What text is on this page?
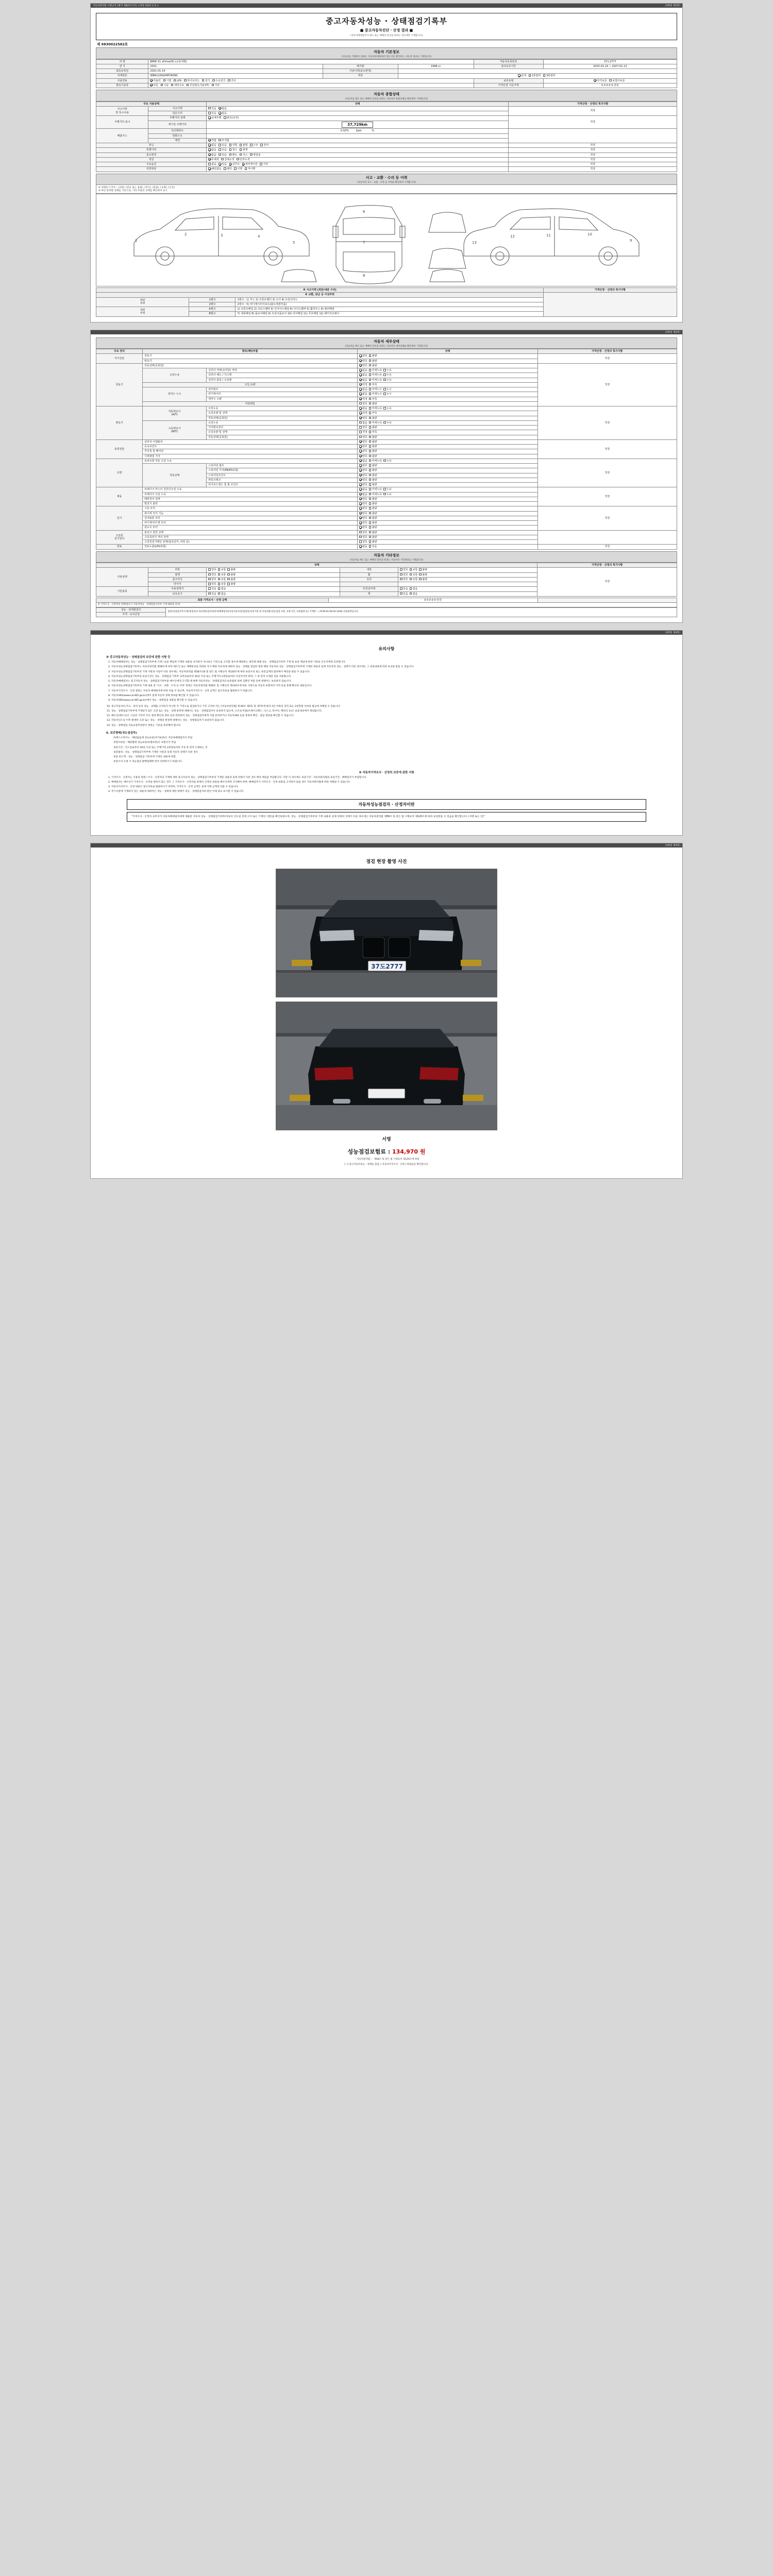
자동차관리법 시행규칙 [별지 제82호서식] <개정 2021.1.5.>	(3쪽중 제1쪽)
중고자동차성능 · 상태점검기록부
■ 중고자동차진단 · 산정 결과 ■
(자동차매매업자가 매도 또는 매매의 알선을 하려는 경우에만 기재합니다)
제 9830022582호
자동차 기본정보
(자동차를 거래하지 못하는 자동차에 해당하지 않는지를 확인하고, 자동차 정보를 기재합니다)
차 명	BMW X1 xDrive20i (승용대형)			자동차등록번호	37도2777
연 식	2021	배기량	1998 cc	검사유효기간	2025-01-14 ~ 2027-01-13
최초등록일	2021-01-14	사용이력(용도변경)			
차대번호	WBA11DG04M7AD90	색상	단색 2톤칼라 3톤칼라		
사용연료	가솔린 디젤 LPG 하이브리드 전기 수소전기 기타			보증유형	자가보증 보험사보증
변속기종류	자동 수동 세미오토 무단변속기(CVT) 기타			가격산정 기준가액	0 0 0 0 0 만원
자동차 종합상태
(자동차를 매도 또는 매매의 알선을 하려는 자동차의 종합상태를 확인하여 기재합니다)
주요 사용상태		상태	가격산정 · 산정의 특기사항
사고이력
및 특수사용	사고이력	있음 없음	적정
	단순수리	있음 없음	
주행거리 표시	주행거리 상태	실제주행 변조(조작)	적정
	계기상 주행거리	37,729km	
배출가스	일산화탄소	0.02% 2pm %	
	탄화수소		
	매연	적합 부적합	
튜닝		없음 있음 적법 불법 구조 장치	적정
특별이력		없음 있음 침수 화재	적정
용도변경		없음 있음 렌트 리스 영업용	적정
색상		무채색 전체도색 일부도색	적정
주요옵션		없음 있음 선루프 내비게이션 기타	적정
리콜대상		해당없음 해당 이행 미이행	적정
사고 · 교환 · 수리 등 이력
(자동차의 사고 · 교환 · 수리 등 이력을 확인하여 기재합니다)
※ 상태표시 부호 : (교환), (판금 또는 용접), (부식), (흠집), (요철), (손상)
※ 하단 항목별 상태를 기준으로, 기타 부품의 상태를 확인하여 표시
1
2	3	4
5
6
7
8
9
10
11
12
13
※ 사고이력 (외판/내판 수리)			가격산정 · 산정의 특기사항
※ 교환, 판금 등 이상부위			
외판
부위	1랭크	1랭크 : 1) 후드 2) 프론트펜더 3) 도어 4) 트렁크리드	
	2랭크	2랭크 : 5) 라디에이터서포트(볼트체결부품)	
내판
부위	A랭크	1) 프론트패널 2) 크로스멤버 3) 인사이드패널 4) 사이드멤버 5) 휠하우스 6) 필러패널	
	B랭크	7) 대쉬패널 8) 플로어패널 9) 트렁크플로어 10) 리어패널 11) 루프패널 12) 패키지트레이	
(3쪽중 제2쪽)
자동차 세부상태
(자동차를 매도 또는 매매의 알선을 하려는 자동차의 세부상태를 확인하여 기재합니다)
주요 장치	항목/해당부품		상태	가격산정 · 산정의 특기사항
자기진단	원동기		양호 불량	적정
	변속기		양호 불량	
원동기	작동상태(공회전)		양호 불량	적정
	오일누유	실린더 커버(로커암) 커버	없음 미세누유 누유	
		실린더 헤드 / 가스켓	없음 미세누유 누유	
		실린더 블록 / 오일팬	없음 미세누유 누유	
	오일 유량		적정 부족	
	냉각수 누수	워터펌프	없음 미세누수 누수	
		라디에이터	없음 미세누수 누수	
		냉각수 수량	적정 부족	
	커먼레일		양호 불량	
변속기	자동변속기
(A/T)	오일누유	없음 미세누유 누유	적정
		오일유량 및 상태	적정 부족	
		작동상태(공회전)	양호 불량	
	수동변속기
(M/T)	오일누유	없음 미세누유 누유	
		기어변속장치	양호 불량	
		오일유량 및 상태	적정 부족	
		작동상태(공회전)	양호 불량	
동력전달	클러치 어셈블리		양호 불량	적정
	등속죠인트		양호 불량	
	추진축 및 베어링		양호 불량	
	디퍼렌셜 기어		양호 불량	
조향	동력조향 작동 오일 누유		없음 미세누유 누유	적정
	작동상태	스티어링 펌프	양호 불량	
		스티어링 기어(MDPS포함)	양호 불량	
		스티어링조인트	양호 불량	
		파워크랭크	양호 불량	
		타이로드엔드 및 볼 조인트	양호 불량	
제동	브레이크 마스터 실린더오일 누유		없음 미세누유 누유	적정
	브레이크 오일 누유		없음 미세누유 누유	
	배력장치 상태		양호 불량	
	발전기 출력		양호 불량	
전기	시동 모터		양호 불량	적정
	와이퍼 모터 기능		양호 불량	
	실내송풍 모터		양호 불량	
	라디에이터 팬 모터		양호 불량	
	윈도우 모터		양호 불량	
고전원
전기장치	충전구 절연 상태		양호 불량	
	구동축전지 격리 상태		양호 불량	
	고전원전기배선 상태(접속단자, 피복 등)		양호 불량	
연료	연료누출(LPG포함)		없음 있음	적정
자동차 기타정보
(자동차를 매도 또는 매매의 알선을 하려는 자동차의 기타정보를 기재합니다)
상태					가격산정 · 산정의 특기사항
사용상태	외장	양호 보통 불량	내장	양호 보통 불량	적정
	광택	양호 보통 불량	휠	양호 보통 불량	
	룸크리닝	양호 보통 불량	유리	양호 보통 불량	
	타이어	양호 보통 불량			
기본품목	사용설명서	있음 없음	안전삼각대	있음 없음	
	보유공구	있음 없음	잭	있음 없음	
최종 가격조사 · 산정 금액	0 0 0 0 0 만원	
※ 가격조사 · 산정자의 설명(필요시 자동차성능 · 상태점검기록부 기재 내용과 일치)
성능 · 상태점검자	점검자(점검사무소)명/점검자(소속/성명)/검사대상자(매매업자)/자동차등록증/점검일/보증기관 및 보증내용(성능점검 보증, 보증기간, 보증범위 등) 기재란 — 2578-01-04-01:1426.서울광장입니다.
가격 · 조사산정
(3쪽중 제3쪽)
유의사항
※ 중고자동차성능 · 상태점검의 보증에 관한 사항 등
1. 자동차매매업자는 성능 · 상태점검기록부에 기재 / 보증 책임에 기재된 내용을 교지하지 아니하고 거짓으로 고지할 경우에 해당하는 내역에 대해 성능 · 상태점검기록부 기재 및 보증 책임에 관한 사항을 인수자에게 교부합니다.
2. 자동차성능상태점검기록부는 자동차관리법 제58조에 따라 매도인 또는 매매알선을 의뢰한 자가 해당 자동차에 대하여 성능 · 상태를 점검한 결과 해당 자동차의 성능 · 상태점검기록부에 기재된 내용과 실제 자동차의 성능 · 상태가 다른 경우에는 그 보증내용에 따라 보상을 받을 수 있습니다.
3. 자동차성능상태점검기록부의 기재 사항과 사실이 다른 경우에는 자동차관리법 제58조의4 및 같은 법 시행규칙 제120조에 따라 보증수리 또는 보증금액의 범위에서 배상을 받을 수 있습니다.
4. 자동차성능상태점검기록부의 보증기간은 성능 · 상태점검 기록부 교부일로부터 30일 이상 또는 주행거리 2천킬로미터 이상이어야 하며, 그 중 먼저 도래한 것을 적용합니다.
5. 자동차매매업자는 중고자동차 성능 · 상태점검기록부를 매수인에게 고지할 때 현행 자동차성능 · 상태점검자의 보증범위 외에 교환된 부품 등에 대해서는 보증하지 않습니다.
6. 자동차성능상태점검기록부의 기재 내용 중 '사고 · 교환 · 수리 등 이력' 항목은 자동차관리법 제58조 및 시행규칙 제120조에 따른 사항으로 자동차 보험처리 이력 등을 통해 확인된 내용입니다.
7. 자동차가격조사 · 산정 결과는 자동차 매매업자에 따라 다를 수 있으며, 자동차가격조사 · 산정 금액은 참고자료로 활용하시기 바랍니다.
8. 자동차365(www.car365.go.kr)에서 실제 자동차 상태 정보를 확인할 수 있습니다.
9. 자동차365(www.car365.go.kr)에서 성능 · 상태점검 내용을 확인할 수 있습니다.
10. 중고자동차의 주요 · 장치 등의 성능 · 상태를 고지하지 아니한 자 거짓으로 점검하거나 거짓 고지한 자는 [자동차관리법] 제 80조 제5호 및 제7호에 따라 2년 이하의 징역 또는 2천만원 이하의 벌금에 처해질 수 있습니다.
11. 성능 · 상태점검기록부에 기재되지 않은 고장 또는 성능 · 상태 항목에 대해서는 성능 · 상태점검자가 보증하지 않으며, 소모성 부품(브레이크패드, 디스크, 타이어, 배터리 등)은 보증대상에서 제외됩니다.
12. 매수인(매도인)은 시공된 기록부 주요 결과 확인의 권한 등과 관련하여 성능 · 상태점검자에게 직접 문의하거나 자동차365 등을 통하여 확인 · 점검 결과를 확인할 수 있습니다.
13. 자동차인도일 이후 발생한 고장 또는 성능 · 상태의 변경에 대해서는 성능 · 상태점검자가 보증하지 않습니다.
14. 성능 · 상태점검 국토교통부장관이 정하는 기준을 충족해야 합니다.
6. 보증형태(성능점검자)
㈜에스오비아노 : 해당없음에 성능보증(자가보증)은 자동차매매업자가 부담
보험사보증 : 해당법에 성능보증(보험보증)은 보험사가 부담
보증기간 : 인도일로부터 30일 이상 또는 주행거리 2천킬로미터 이상 중 먼저 도래하는 것
보증범위 : 성능 · 상태점검기록부에 기재된 사항과 실제 자동차 상태가 다른 경우
보증 한도액 : 성능 · 상태점검 기록부에 기재된 내용에 한함
보증수리 요청 시 성능점검 발행업체에 먼저 연락하시기 바랍니다.
※ 자동차가격조사 · 산정의 보증에 관한 사항
1. 가격조사 · 산정자는 사용의 설명 / 조사 · 산정자의 기재에 대한 중고자동차 성능 · 상태점검기록부의 기재된 내용과 실제 차량이 다른 경우 배상 책임을 부담합니다. 다만 이 경우에도 보증기간 · 자동차관리법의 보증기간 · 매매업자가 부담합니다.
2. 매매업자는 매수인이 가격조사 · 산정을 원하지 않는 경우 그 가격조사 · 산정자를 통해서 산정된 내용을 매수인에게 고지해야 하며, 매매업자가 가격조사 · 산정 내용을 고지하지 않을 경우 자동차관리법에 따라 처벌될 수 있습니다.
3. 자동차가격조사 · 산정 내용은 참고자료로 활용하시기 바라며, 가격조사 · 산정 금액은 실제 거래 금액과 다를 수 있습니다.
4. 특기사항에 기재되어 있는 내용에 대하여는 성능 · 상태에 대한 판매가 성능 · 상태점검자의 판단 아래 중요 표시할 수 있습니다.
자동차성능점검자 · 산정자이란
"가격조사 · 산정자 교부지가 자동차매매업자에게 제출한 자동차 성능 · 상태점검기록부(자동차 인도일 전에 고지 또는 기재된 사항)을 확인하였으며, 성능 · 상태점검기록부의 기재 내용과 실제 차량의 상태가 다른 경우에는 자동차관리법 제58조 및 같은 법 시행규칙 제120조에 따라 보상받을 수 있음을 확인합니다. (서명 또는 인)"
(3쪽중 제3쪽)
점검 현장 촬영 사진
37도2777
서명
성능점검보험료 : 134,970 원
「 자동차관리법 」 제58조 및 같은 법 시행규칙 제120조에 따라
[ㄱ] 중고자동차성능 · 상태를 점검, [ 자동차가격조사 · 산정 ] 하였음을 확인합니다.
